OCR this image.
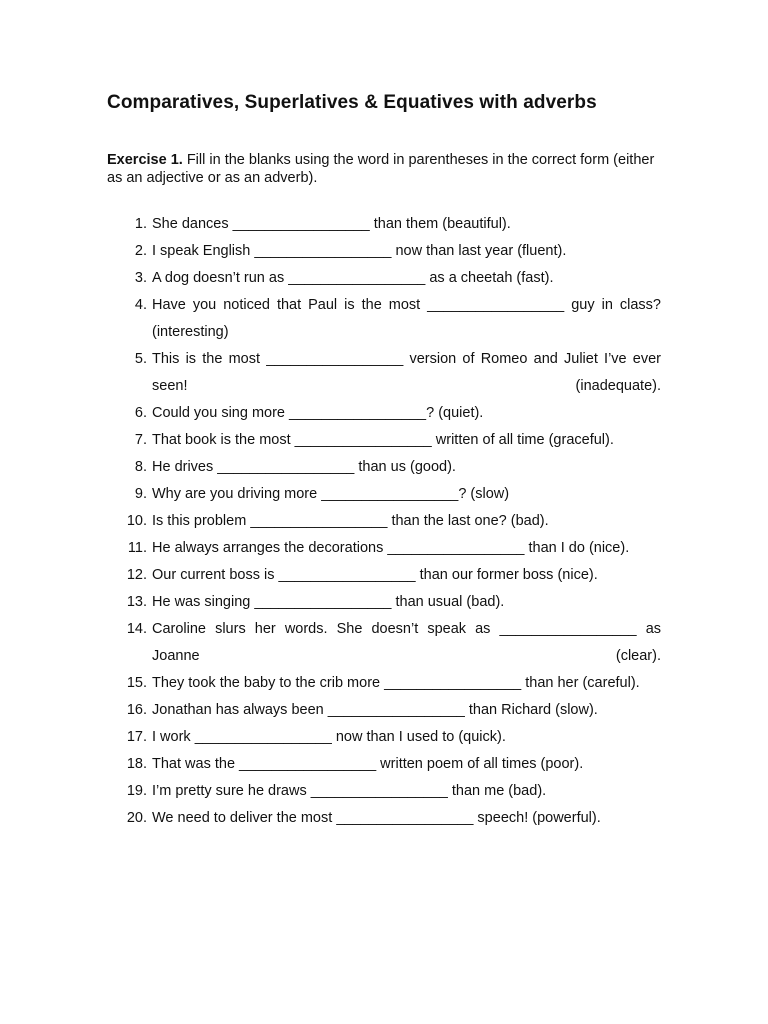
Comparatives, Superlatives & Equatives with adverbs
Exercise 1. Fill in the blanks using the word in parentheses in the correct form (either as an adjective or as an adverb).
1. She dances _________________ than them (beautiful).
2. I speak English _________________ now than last year (fluent).
3. A dog doesn’t run as _________________ as a cheetah (fast).
4. Have you noticed that Paul is the most _________________ guy in class? (interesting)
5. This is the most _________________ version of Romeo and Juliet I’ve ever seen! (inadequate).
6. Could you sing more _________________? (quiet).
7. That book is the most _________________ written of all time (graceful).
8. He drives _________________ than us (good).
9. Why are you driving more _________________? (slow)
10. Is this problem _________________ than the last one? (bad).
11. He always arranges the decorations _________________ than I do (nice).
12. Our current boss is _________________ than our former boss (nice).
13. He was singing _________________ than usual (bad).
14. Caroline slurs her words. She doesn’t speak as _________________ as Joanne (clear).
15. They took the baby to the crib more _________________ than her (careful).
16. Jonathan has always been _________________ than Richard (slow).
17. I work _________________ now than I used to (quick).
18. That was the _________________ written poem of all times (poor).
19. I’m pretty sure he draws _________________ than me (bad).
20. We need to deliver the most _________________ speech! (powerful).
